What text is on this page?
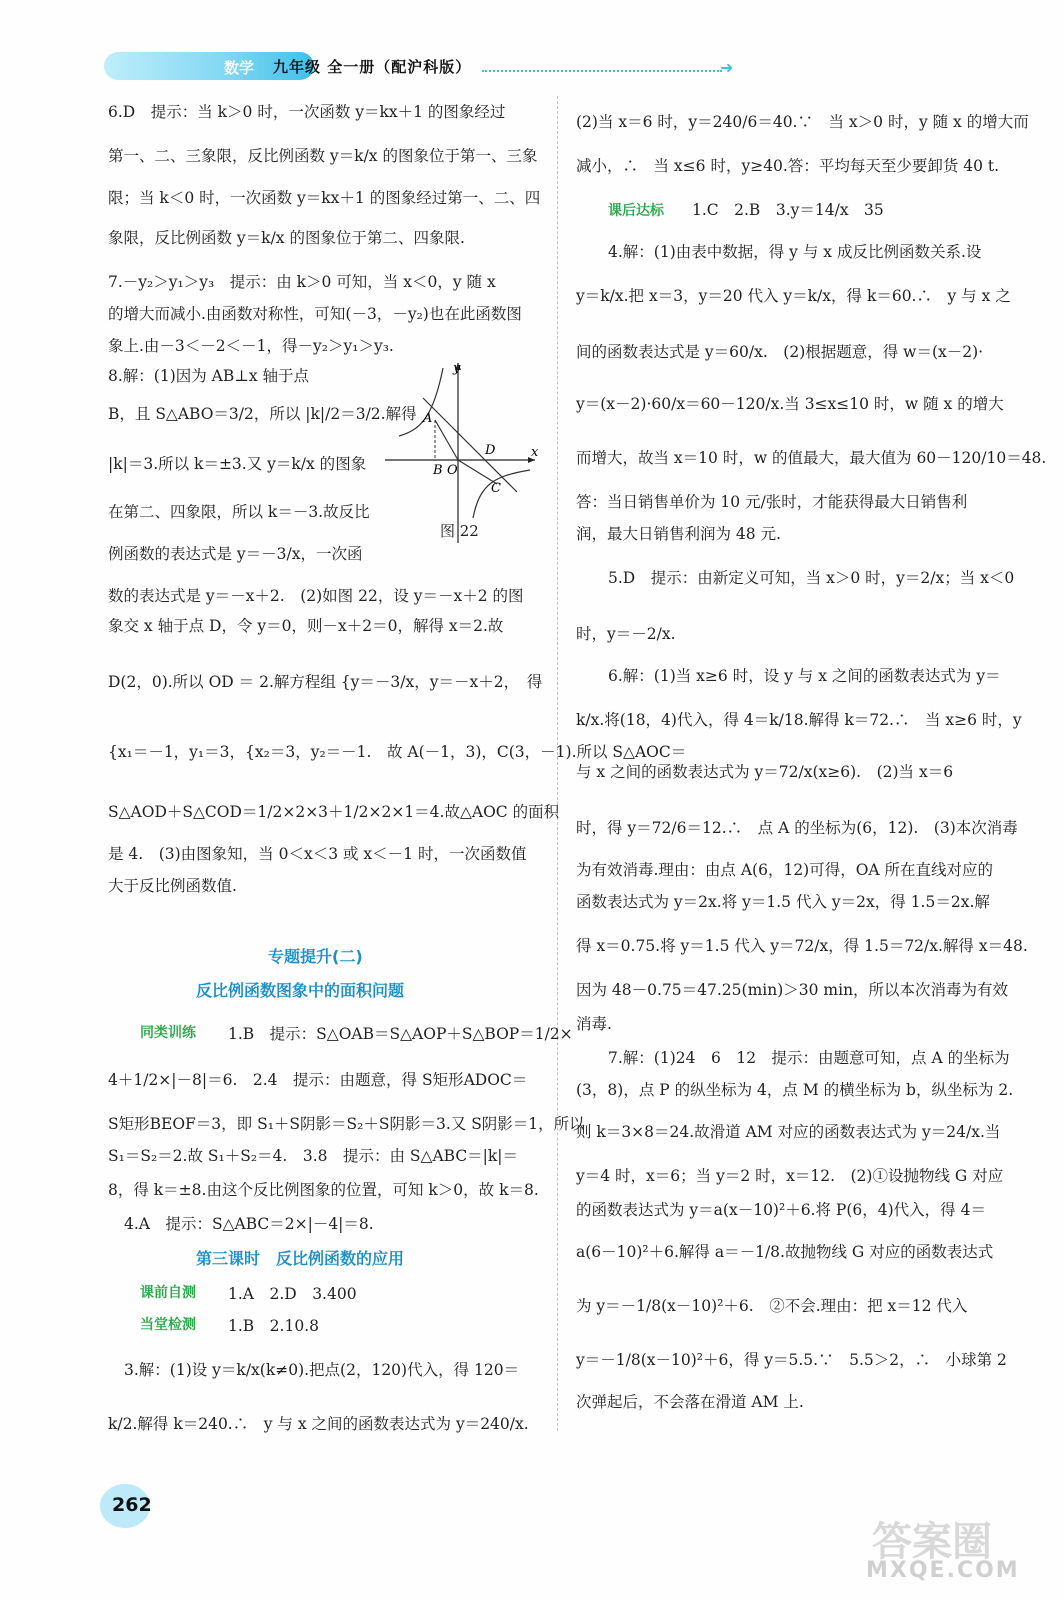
数学 九年级 全一册（配沪科版）	➜
6.D　提示：当 k＞0 时，一次函数 y＝kx＋1 的图象经过
第一、二、三象限，反比例函数 y＝k/x 的图象位于第一、三象
限；当 k＜0 时，一次函数 y＝kx＋1 的图象经过第一、二、四
象限，反比例函数 y＝k/x 的图象位于第二、四象限.
7.－y₂＞y₁＞y₃　提示：由 k＞0 可知，当 x＜0，y 随 x
的增大而减小.由函数对称性，可知(－3，－y₂)也在此函数图
象上.由－3＜－2＜－1，得－y₂＞y₁＞y₃.
8.解：(1)因为 AB⊥x 轴于点
B，且 S△ABO＝3/2，所以 |k|/2＝3/2.解得
|k|＝3.所以 k＝±3.又 y＝k/x 的图象
在第二、四象限，所以 k＝－3.故反比
例函数的表达式是 y＝－3/x，一次函
数的表达式是 y＝－x＋2.　(2)如图 22，设 y＝－x＋2 的图
象交 x 轴于点 D，令 y＝0，则－x＋2＝0，解得 x＝2.故
D(2，0).所以 OD ＝ 2.解方程组 {y＝－3/x，y＝－x＋2，　得
{x₁＝－1，y₁＝3，{x₂＝3，y₂＝－1.　故 A(－1，3)，C(3，－1).所以 S△AOC＝
S△AOD＋S△COD＝1/2×2×3＋1/2×2×1＝4.故△AOC 的面积
是 4.　(3)由图象知，当 0＜x＜3 或 x＜－1 时，一次函数值
大于反比例函数值.
y
x
A
B O
D
C
图 22
专题提升(二)
反比例函数图象中的面积问题
同类训练 1.B　提示：S△OAB＝S△AOP＋S△BOP＝1/2×
4＋1/2×|－8|＝6.　2.4　提示：由题意，得 S矩形ADOC＝
S矩形BEOF＝3，即 S₁＋S阴影＝S₂＋S阴影＝3.又 S阴影＝1，所以
S₁＝S₂＝2.故 S₁＋S₂＝4.　3.8　提示：由 S△ABC＝|k|＝
8，得 k＝±8.由这个反比例图象的位置，可知 k＞0，故 k＝8.
4.A　提示：S△ABC＝2×|－4|＝8.
第三课时　反比例函数的应用
课前自测 1.A　2.D　3.400
当堂检测 1.B　2.10.8
3.解：(1)设 y＝k/x(k≠0).把点(2，120)代入，得 120＝
k/2.解得 k＝240.∴　y 与 x 之间的函数表达式为 y＝240/x.
(2)当 x＝6 时，y＝240/6＝40.∵　当 x＞0 时，y 随 x 的增大而
减小，∴　当 x≤6 时，y≥40.答：平均每天至少要卸货 40 t.
课后达标 1.C　2.B　3.y＝14/x　35
4.解：(1)由表中数据，得 y 与 x 成反比例函数关系.设
y＝k/x.把 x＝3，y＝20 代入 y＝k/x，得 k＝60.∴　y 与 x 之
间的函数表达式是 y＝60/x.　(2)根据题意，得 w＝(x－2)·
y＝(x－2)·60/x＝60－120/x.当 3≤x≤10 时，w 随 x 的增大
而增大，故当 x＝10 时，w 的值最大，最大值为 60－120/10＝48.
答：当日销售单价为 10 元/张时，才能获得最大日销售利
润，最大日销售利润为 48 元.
5.D　提示：由新定义可知，当 x＞0 时，y＝2/x；当 x＜0
时，y＝－2/x.
6.解：(1)当 x≥6 时，设 y 与 x 之间的函数表达式为 y＝
k/x.将(18，4)代入，得 4＝k/18.解得 k＝72.∴　当 x≥6 时，y
与 x 之间的函数表达式为 y＝72/x(x≥6).　(2)当 x＝6
时，得 y＝72/6＝12.∴　点 A 的坐标为(6，12).　(3)本次消毒
为有效消毒.理由：由点 A(6，12)可得，OA 所在直线对应的
函数表达式为 y＝2x.将 y＝1.5 代入 y＝2x，得 1.5＝2x.解
得 x＝0.75.将 y＝1.5 代入 y＝72/x，得 1.5＝72/x.解得 x＝48.
因为 48－0.75＝47.25(min)＞30 min，所以本次消毒为有效
消毒.
7.解：(1)24　6　12　提示：由题意可知，点 A 的坐标为
(3，8)，点 P 的纵坐标为 4，点 M 的横坐标为 b，纵坐标为 2.
则 k＝3×8＝24.故滑道 AM 对应的函数表达式为 y＝24/x.当
y＝4 时，x＝6；当 y＝2 时，x＝12.　(2)①设抛物线 G 对应
的函数表达式为 y＝a(x－10)²＋6.将 P(6，4)代入，得 4＝
a(6－10)²＋6.解得 a＝－1/8.故抛物线 G 对应的函数表达式
为 y＝－1/8(x－10)²＋6.　②不会.理由：把 x＝12 代入
y＝－1/8(x－10)²＋6，得 y＝5.5.∵　5.5＞2，∴　小球第 2
次弹起后，不会落在滑道 AM 上.
262
答案圈
MXQE.COM
